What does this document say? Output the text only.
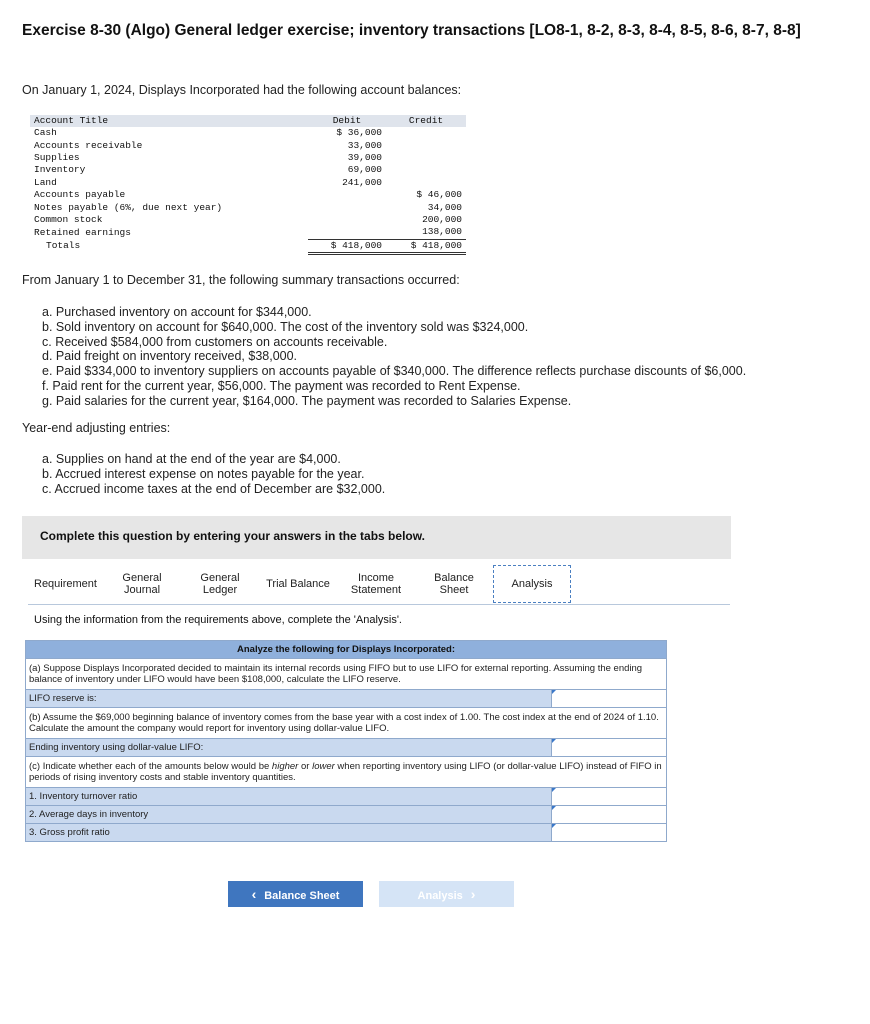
Exercise 8-30 (Algo) General ledger exercise; inventory transactions [LO8-1, 8-2, 8-3, 8-4, 8-5, 8-6, 8-7, 8-8]
On January 1, 2024, Displays Incorporated had the following account balances:
Account Title	Debit	Credit
Cash	$ 36,000	
Accounts receivable	33,000	
Supplies	39,000	
Inventory	69,000	
Land	241,000	
Accounts payable		$ 46,000
Notes payable (6%, due next year)		34,000
Common stock		200,000
Retained earnings		138,000
Totals	$ 418,000	$ 418,000
From January 1 to December 31, the following summary transactions occurred:
a. Purchased inventory on account for $344,000.
b. Sold inventory on account for $640,000. The cost of the inventory sold was $324,000.
c. Received $584,000 from customers on accounts receivable.
d. Paid freight on inventory received, $38,000.
e. Paid $334,000 to inventory suppliers on accounts payable of $340,000. The difference reflects purchase discounts of $6,000.
f. Paid rent for the current year, $56,000. The payment was recorded to Rent Expense.
g. Paid salaries for the current year, $164,000. The payment was recorded to Salaries Expense.
Year-end adjusting entries:
a. Supplies on hand at the end of the year are $4,000.
b. Accrued interest expense on notes payable for the year.
c. Accrued income taxes at the end of December are $32,000.
Complete this question by entering your answers in the tabs below.
Requirement	General Journal
General Ledger	Trial Balance	Income Statement
Balance Sheet	Analysis
Using the information from the requirements above, complete the 'Analysis'.
Analyze the following for Displays Incorporated:	
(a) Suppose Displays Incorporated decided to maintain its internal records using FIFO but to use LIFO for external reporting. Assuming the ending balance of inventory under LIFO would have been $108,000, calculate the LIFO reserve.	
LIFO reserve is:	
(b) Assume the $69,000 beginning balance of inventory comes from the base year with a cost index of 1.00. The cost index at the end of 2024 of 1.10. Calculate the amount the company would report for inventory using dollar-value LIFO.	
Ending inventory using dollar-value LIFO:	
(c) Indicate whether each of the amounts below would be higher or lower when reporting inventory using LIFO (or dollar-value LIFO) instead of FIFO in periods of rising inventory costs and stable inventory quantities.	
1. Inventory turnover ratio	
2. Average days in inventory	
3. Gross profit ratio	
‹ Balance Sheet	Analysis ›
